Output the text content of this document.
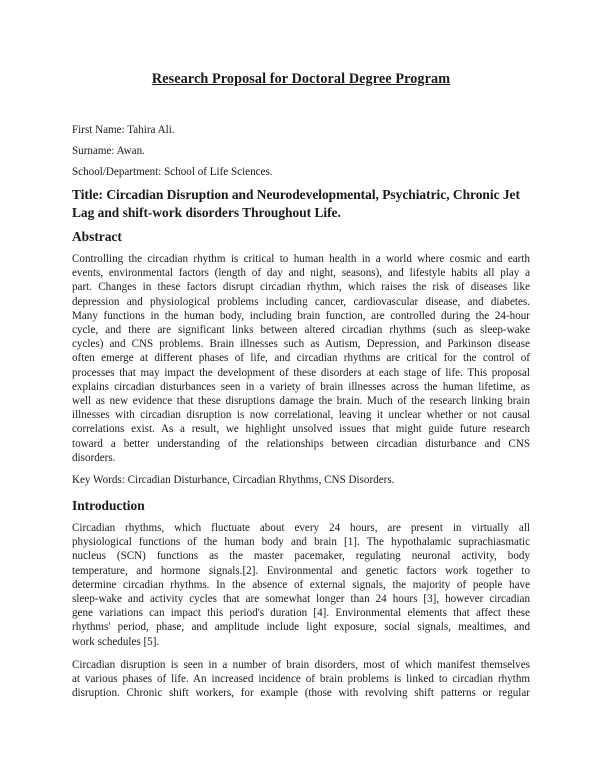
Research Proposal for Doctoral Degree Program
First Name: Tahira Ali.
Surname: Awan.
School/Department: School of Life Sciences.
Title: Circadian Disruption and Neurodevelopmental, Psychiatric, Chronic Jet
Lag and shift-work disorders Throughout Life.
Abstract
Controlling the circadian rhythm is critical to human health in a world where cosmic and earth
events, environmental factors (length of day and night, seasons), and lifestyle habits all play a
part. Changes in these factors disrupt circadian rhythm, which raises the risk of diseases like
depression and physiological problems including cancer, cardiovascular disease, and diabetes.
Many functions in the human body, including brain function, are controlled during the 24-hour
cycle, and there are significant links between altered circadian rhythms (such as sleep-wake
cycles) and CNS problems. Brain illnesses such as Autism, Depression, and Parkinson disease
often emerge at different phases of life, and circadian rhythms are critical for the control of
processes that may impact the development of these disorders at each stage of life. This proposal
explains circadian disturbances seen in a variety of brain illnesses across the human lifetime, as
well as new evidence that these disruptions damage the brain. Much of the research linking brain
illnesses with circadian disruption is now correlational, leaving it unclear whether or not causal
correlations exist. As a result, we highlight unsolved issues that might guide future research
toward a better understanding of the relationships between circadian disturbance and CNS
disorders.
Key Words: Circadian Disturbance, Circadian Rhythms, CNS Disorders.
Introduction
Circadian rhythms, which fluctuate about every 24 hours, are present in virtually all
physiological functions of the human body and brain [1]. The hypothalamic suprachiasmatic
nucleus (SCN) functions as the master pacemaker, regulating neuronal activity, body
temperature, and hormone signals.[2]. Environmental and genetic factors work together to
determine circadian rhythms. In the absence of external signals, the majority of people have
sleep-wake and activity cycles that are somewhat longer than 24 hours [3], however circadian
gene variations can impact this period's duration [4]. Environmental elements that affect these
rhythms' period, phase, and amplitude include light exposure, social signals, mealtimes, and
work schedules [5].
Circadian disruption is seen in a number of brain disorders, most of which manifest themselves
at various phases of life. An increased incidence of brain problems is linked to circadian rhythm
disruption. Chronic shift workers, for example (those with revolving shift patterns or regular
